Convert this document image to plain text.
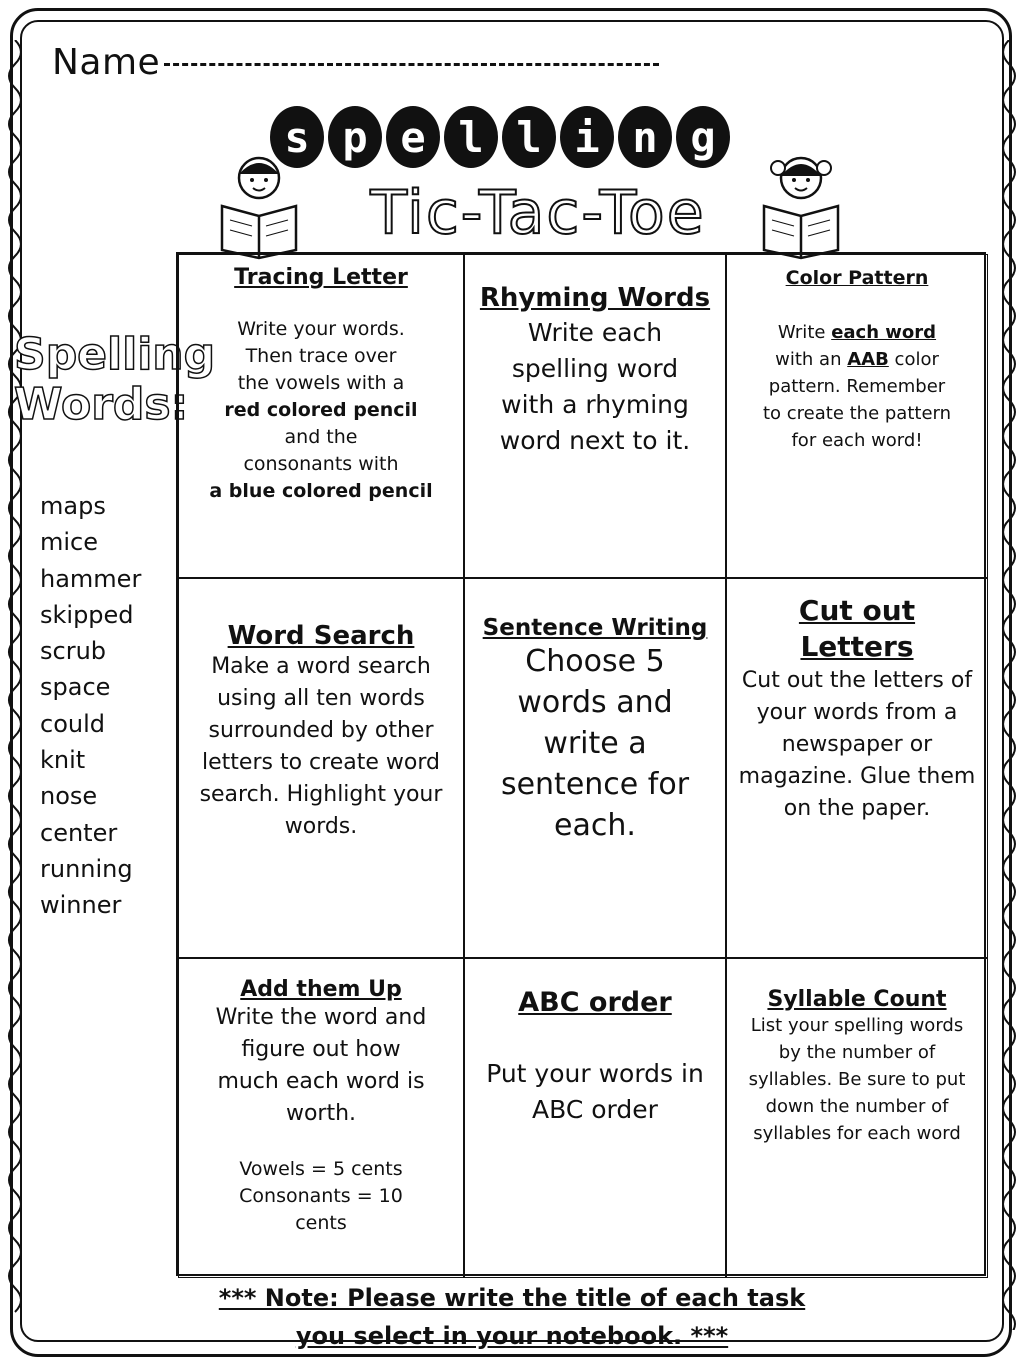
Name
s p e l l i n g
Tic-Tac-Toe
Spelling
Words:
maps
mice
hammer
skipped
scrub
space
could
knit
nose
center
running
winner
Tracing Letter
Write your words.
Then trace over
the vowels with a
red colored pencil
and the
consonants with
a blue colored pencil
Rhyming Words
Write each spelling word with a rhyming word next to it.
Color Pattern
Write each word with an AAB color pattern. Remember to create the pattern for each word!
Word Search
Make a word search using all ten words surrounded by other letters to create word search. Highlight your words.
Sentence Writing
Choose 5 words and write a sentence for each.
Cut out Letters
Cut out the letters of your words from a newspaper or magazine. Glue them on the paper.
Add them Up
Write the word and figure out how much each word is worth.
Vowels = 5 cents
Consonants = 10 cents
ABC order
Put your words in ABC order
Syllable Count
List your spelling words by the number of syllables. Be sure to put down the number of syllables for each word
*** Note: Please write the title of each task
you select in your notebook. ***
